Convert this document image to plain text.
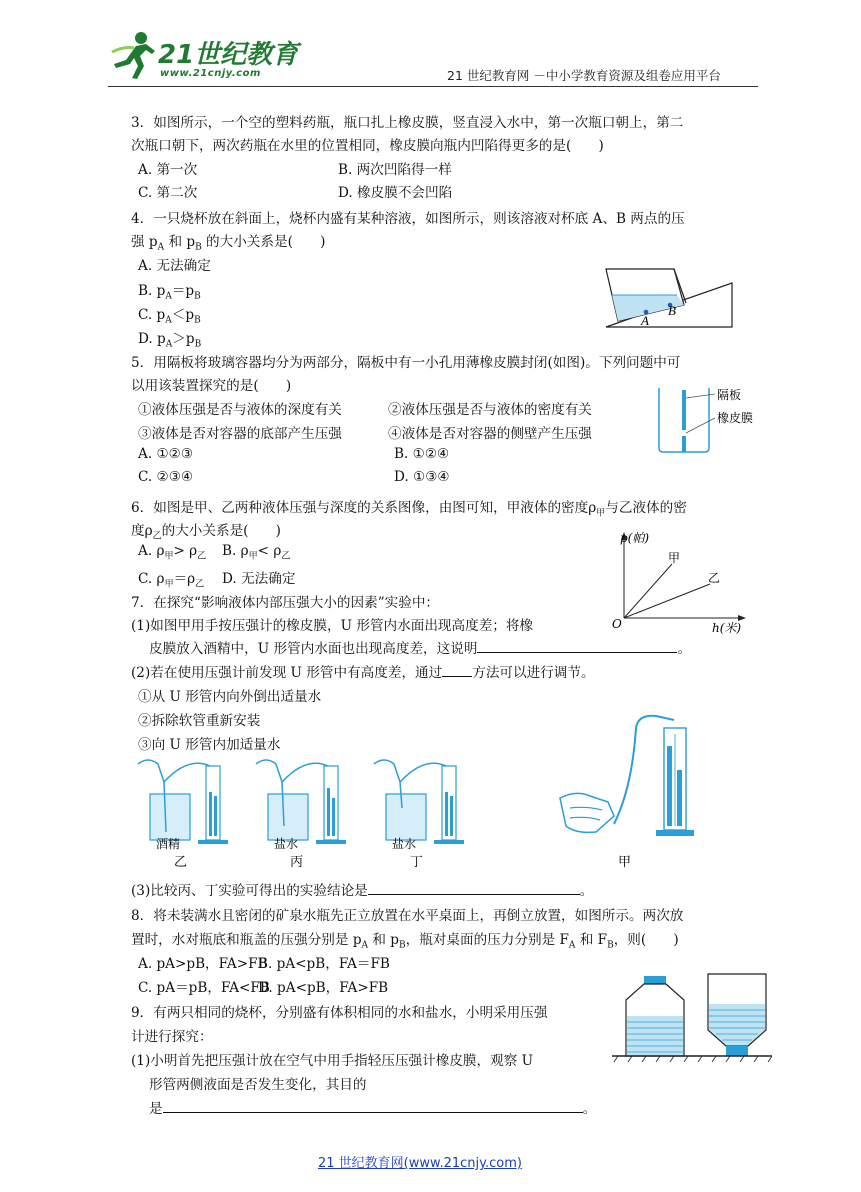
21世纪教育
www.21cnjy.com	21 世纪教育网 －中小学教育资源及组卷应用平台
3．如图所示，一个空的塑料药瓶，瓶口扎上橡皮膜，竖直浸入水中，第一次瓶口朝上，第二
次瓶口朝下，两次药瓶在水里的位置相同，橡皮膜向瓶内凹陷得更多的是(　　)
A. 第一次	B. 两次凹陷得一样
C. 第二次	D. 橡皮膜不会凹陷
4．一只烧杯放在斜面上，烧杯内盛有某种溶液，如图所示，则该溶液对杯底 A、B 两点的压
强 $p_A$ 和 $p_B$ 的大小关系是(　　)
A. 无法确定
B. $p_A=p_B$
C. $p_A<p_B$
D. $p_A>p_B$
A
B
5．用隔板将玻璃容器均分为两部分，隔板中有一小孔用薄橡皮膜封闭(如图)。下列问题中可
以用该装置探究的是(　　)
①液体压强是否与液体的深度有关	②液体压强是否与液体的密度有关
③液体是否对容器的底部产生压强	④液体是否对容器的侧壁产生压强
A. ①②③	B. ①②④
C. ②③④	D. ①③④
隔板
橡皮膜
6．如图是甲、乙两种液体压强与深度的关系图像，由图可知，甲液体的密度$\rho_甲$与乙液体的密
度$\rho_乙$的大小关系是(　　)
A. $\rho_甲> \rho_乙$ B. $\rho_甲< \rho_乙$
C. $\rho_甲=\rho_乙$ D. 无法确定
p(帕)
h(米)
O
甲
乙
7．在探究“影响液体内部压强大小的因素”实验中：
(1)如图甲用手按压强计的橡皮膜，U 形管内水面出现高度差；将橡
皮膜放入酒精中，U 形管内水面也出现高度差，这说明	。
(2)若在使用压强计前发现 U 形管中有高度差，通过 方法可以进行调节。
①从 U 形管内向外倒出适量水
②拆除软管重新安装
③向 U 形管内加适量水
酒精
乙
盐水
丙
盐水
丁	甲
(3)比较丙、丁实验可得出的实验结论是	。
8．将未装满水且密闭的矿泉水瓶先正立放置在水平桌面上，再倒立放置，如图所示。两次放
置时，水对瓶底和瓶盖的压强分别是 $p_A$ 和 $p_B$，瓶对桌面的压力分别是 $F_A$ 和 $F_B$，则(　　)
A. pA>pB，FA>FB
B. pA<pB，FA＝FB
C. pA＝pB，FA<FB
D. pA<pB，FA>FB
9．有两只相同的烧杯，分别盛有体积相同的水和盐水，小明采用压强
计进行探究：
(1)小明首先把压强计放在空气中用手指轻压压强计橡皮膜，观察 U
形管两侧液面是否发生变化，其目的
是	。
21 世纪教育网(www.21cnjy.com)
